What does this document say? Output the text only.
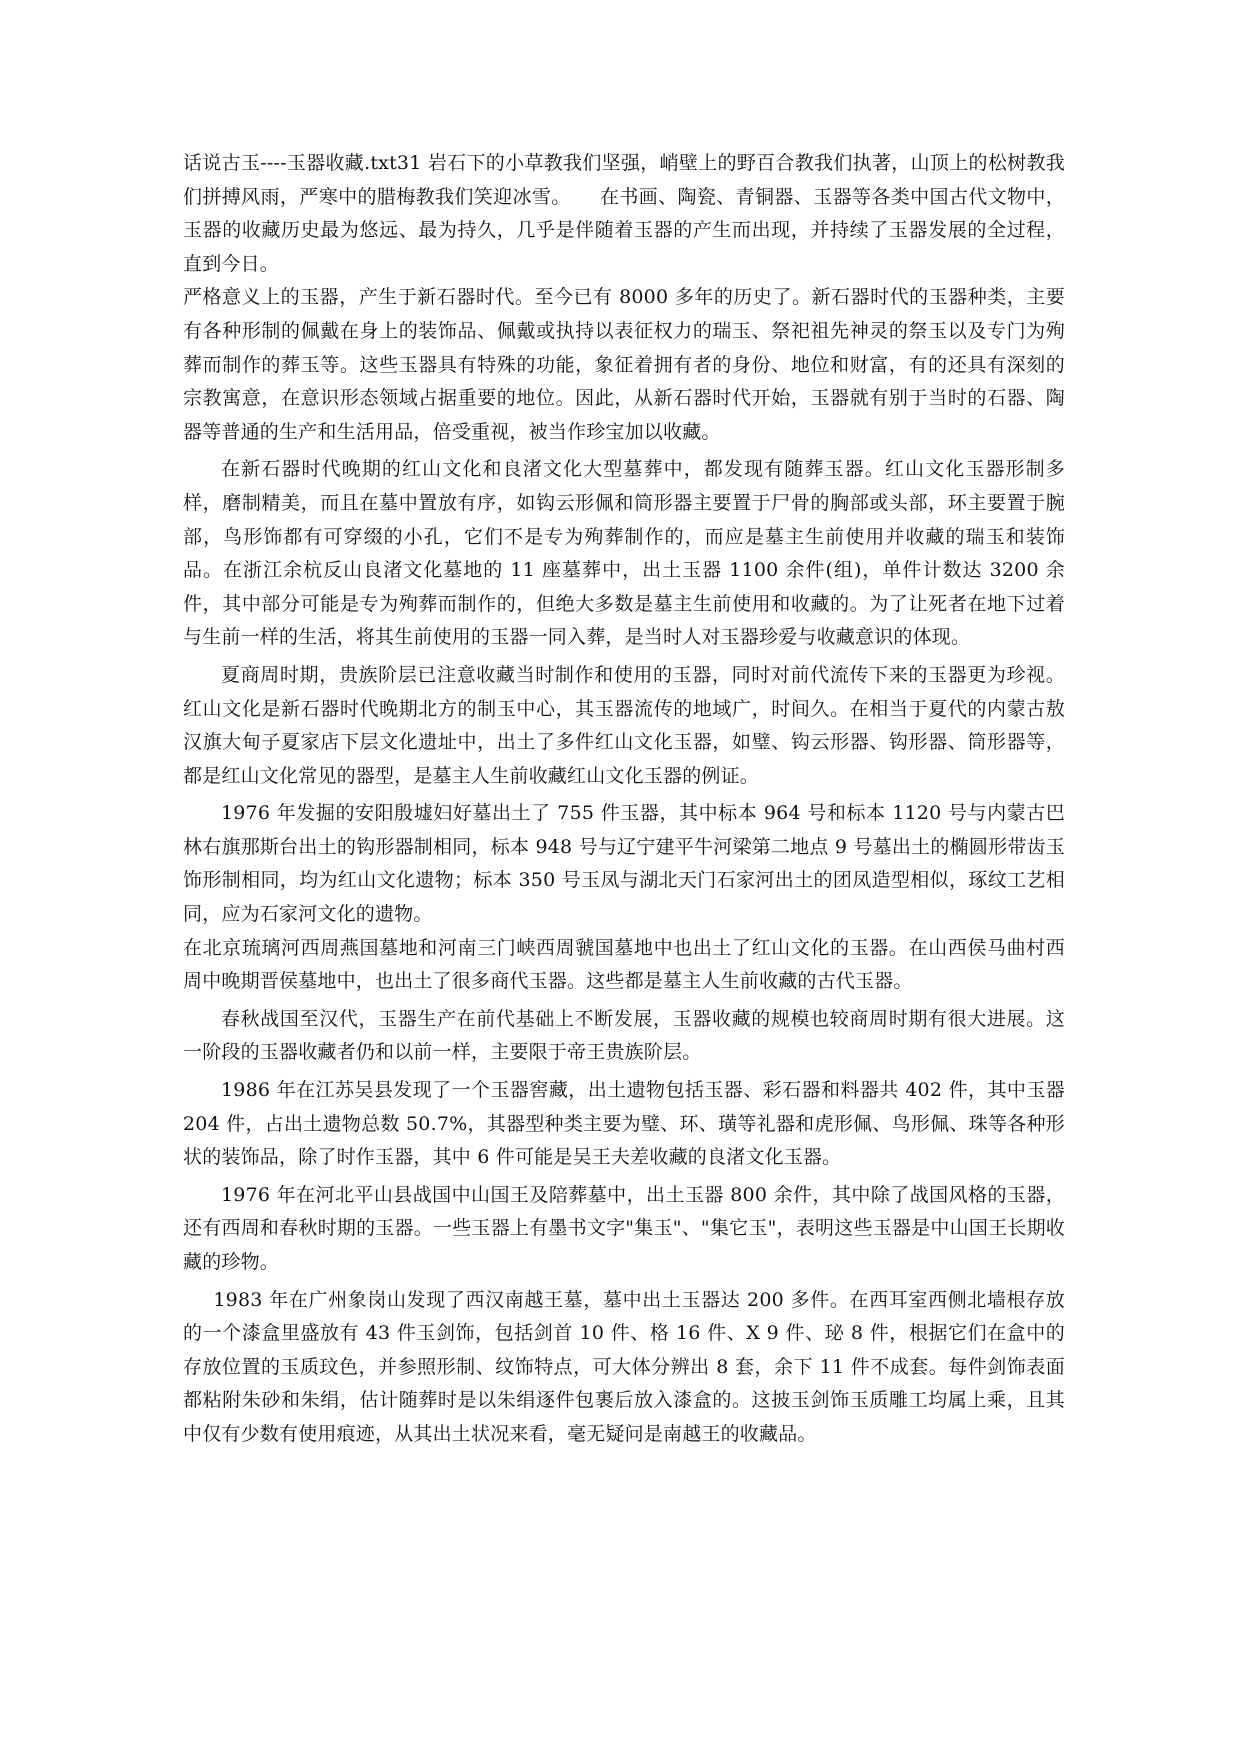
话说古玉----玉器收藏.txt31 岩石下的小草教我们坚强，峭壁上的野百合教我们执著，山顶上的松树教我们拼搏风雨，严寒中的腊梅教我们笑迎冰雪。　　在书画、陶瓷、青铜器、玉器等各类中国古代文物中，玉器的收藏历史最为悠远、最为持久，几乎是伴随着玉器的产生而出现，并持续了玉器发展的全过程，直到今日。

严格意义上的玉器，产生于新石器时代。至今已有 8000 多年的历史了。新石器时代的玉器种类，主要有各种形制的佩戴在身上的装饰品、佩戴或执持以表征权力的瑞玉、祭祀祖先神灵的祭玉以及专门为殉葬而制作的葬玉等。这些玉器具有特殊的功能，象征着拥有者的身份、地位和财富，有的还具有深刻的宗教寓意，在意识形态领域占据重要的地位。因此，从新石器时代开始，玉器就有别于当时的石器、陶器等普通的生产和生活用品，倍受重视，被当作珍宝加以收藏。

在新石器时代晚期的红山文化和良渚文化大型墓葬中，都发现有随葬玉器。红山文化玉器形制多样，磨制精美，而且在墓中置放有序，如钩云形佩和筒形器主要置于尸骨的胸部或头部，环主要置于腕部，鸟形饰都有可穿缀的小孔，它们不是专为殉葬制作的，而应是墓主生前使用并收藏的瑞玉和装饰品。在浙江余杭反山良渚文化墓地的 11 座墓葬中，出土玉器 1100 余件(组)，单件计数达 3200 余件，其中部分可能是专为殉葬而制作的，但绝大多数是墓主生前使用和收藏的。为了让死者在地下过着与生前一样的生活，将其生前使用的玉器一同入葬，是当时人对玉器珍爱与收藏意识的体现。

夏商周时期，贵族阶层已注意收藏当时制作和使用的玉器，同时对前代流传下来的玉器更为珍视。红山文化是新石器时代晚期北方的制玉中心，其玉器流传的地域广，时间久。在相当于夏代的内蒙古敖汉旗大甸子夏家店下层文化遗址中，出土了多件红山文化玉器，如璧、钩云形器、钩形器、筒形器等，都是红山文化常见的器型，是墓主人生前收藏红山文化玉器的例证。

1976 年发掘的安阳殷墟妇好墓出土了 755 件玉器，其中标本 964 号和标本 1120 号与内蒙古巴林右旗那斯台出土的钩形器制相同，标本 948 号与辽宁建平牛河梁第二地点 9 号墓出土的椭圆形带齿玉饰形制相同，均为红山文化遗物；标本 350 号玉凤与湖北天门石家河出土的团凤造型相似，琢纹工艺相同，应为石家河文化的遗物。

在北京琉璃河西周燕国墓地和河南三门峡西周虢国墓地中也出土了红山文化的玉器。在山西侯马曲村西周中晚期晋侯墓地中，也出土了很多商代玉器。这些都是墓主人生前收藏的古代玉器。

春秋战国至汉代，玉器生产在前代基础上不断发展，玉器收藏的规模也较商周时期有很大进展。这一阶段的玉器收藏者仍和以前一样，主要限于帝王贵族阶层。

1986 年在江苏吴县发现了一个玉器窖藏，出土遗物包括玉器、彩石器和料器共 402 件，其中玉器 204 件，占出土遗物总数 50.7%，其器型种类主要为璧、环、璜等礼器和虎形佩、鸟形佩、珠等各种形状的装饰品，除了时作玉器，其中 6 件可能是吴王夫差收藏的良渚文化玉器。

1976 年在河北平山县战国中山国王及陪葬墓中，出土玉器 800 余件，其中除了战国风格的玉器，还有西周和春秋时期的玉器。一些玉器上有墨书文字"集玉"、"集它玉"，表明这些玉器是中山国王长期收藏的珍物。

1983 年在广州象岗山发现了西汉南越王墓，墓中出土玉器达 200 多件。在西耳室西侧北墙根存放的一个漆盒里盛放有 43 件玉剑饰，包括剑首 10 件、格 16 件、X 9 件、珌 8 件，根据它们在盒中的存放位置的玉质玟色，并参照形制、纹饰特点，可大体分辨出 8 套，余下 11 件不成套。每件剑饰表面都粘附朱砂和朱绢，估计随葬时是以朱绢逐件包裹后放入漆盒的。这披玉剑饰玉质雕工均属上乘，且其中仅有少数有使用痕迹，从其出土状况来看，毫无疑问是南越王的收藏品。
